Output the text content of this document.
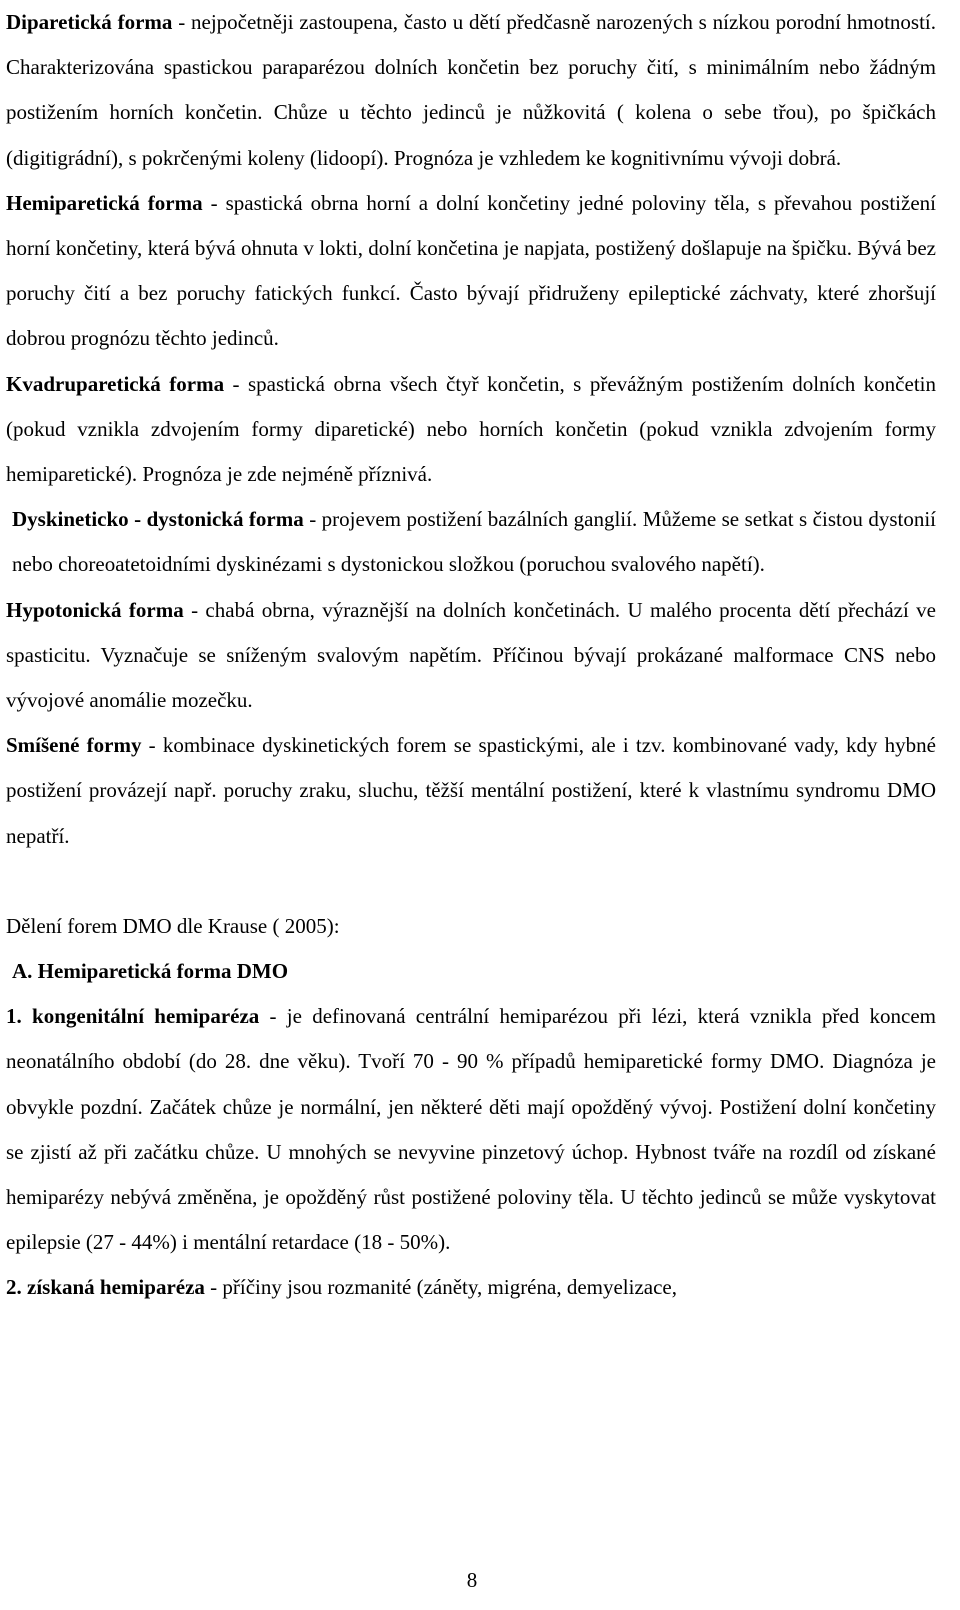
Diparetická forma - nejpočetněji zastoupena, často u dětí předčasně narozených s nízkou porodní hmotností. Charakterizována spastickou paraparézou dolních končetin bez poruchy čití, s minimálním nebo žádným postižením horních končetin. Chůze u těchto jedinců je nůžkovitá ( kolena o sebe třou), po špičkách (digitigrádní), s pokrčenými koleny (lidoopí). Prognóza je vzhledem ke kognitivnímu vývoji dobrá.

Hemiparetická forma - spastická obrna horní a dolní končetiny jedné poloviny těla, s převahou postižení horní končetiny, která bývá ohnuta v lokti, dolní končetina je napjata, postižený došlapuje na špičku. Bývá bez poruchy čití a bez poruchy fatických funkcí. Často bývají přidruženy epileptické záchvaty, které zhoršují dobrou prognózu těchto jedinců.

Kvadruparetická forma - spastická obrna všech čtyř končetin, s převážným postižením dolních končetin (pokud vznikla zdvojením formy diparetické) nebo horních končetin (pokud vznikla zdvojením formy hemiparetické). Prognóza je zde nejméně příznivá.

Dyskineticko - dystonická forma - projevem postižení bazálních ganglií. Můžeme se setkat s čistou dystonií nebo choreoatetoidními dyskinézami s dystonickou složkou (poruchou svalového napětí).

Hypotonická forma - chabá obrna, výraznější na dolních končetinách. U malého procenta dětí přechází ve spasticitu. Vyznačuje se sníženým svalovým napětím. Příčinou bývají prokázané malformace CNS nebo vývojové anomálie mozečku.

Smíšené formy - kombinace dyskinetických forem se spastickými, ale i tzv. kombinované vady, kdy hybné postižení provázejí např. poruchy zraku, sluchu, těžší mentální postižení, které k vlastnímu syndromu DMO nepatří.

Dělení forem DMO dle Krause ( 2005):

A. Hemiparetická forma DMO

1. kongenitální hemiparéza - je definovaná centrální hemiparézou při lézi, která vznikla před koncem neonatálního období (do 28. dne věku). Tvoří 70 - 90 % případů hemiparetické formy DMO. Diagnóza je obvykle pozdní. Začátek chůze je normální, jen některé děti mají opožděný vývoj. Postižení dolní končetiny se zjistí až při začátku chůze. U mnohých se nevyvine pinzetový úchop. Hybnost tváře na rozdíl od získané hemiparézy nebývá změněna, je opožděný růst postižené poloviny těla. U těchto jedinců se může vyskytovat epilepsie (27 - 44%) i mentální retardace (18 - 50%).

2. získaná hemiparéza - příčiny jsou rozmanité (záněty, migréna, demyelizace,

8
